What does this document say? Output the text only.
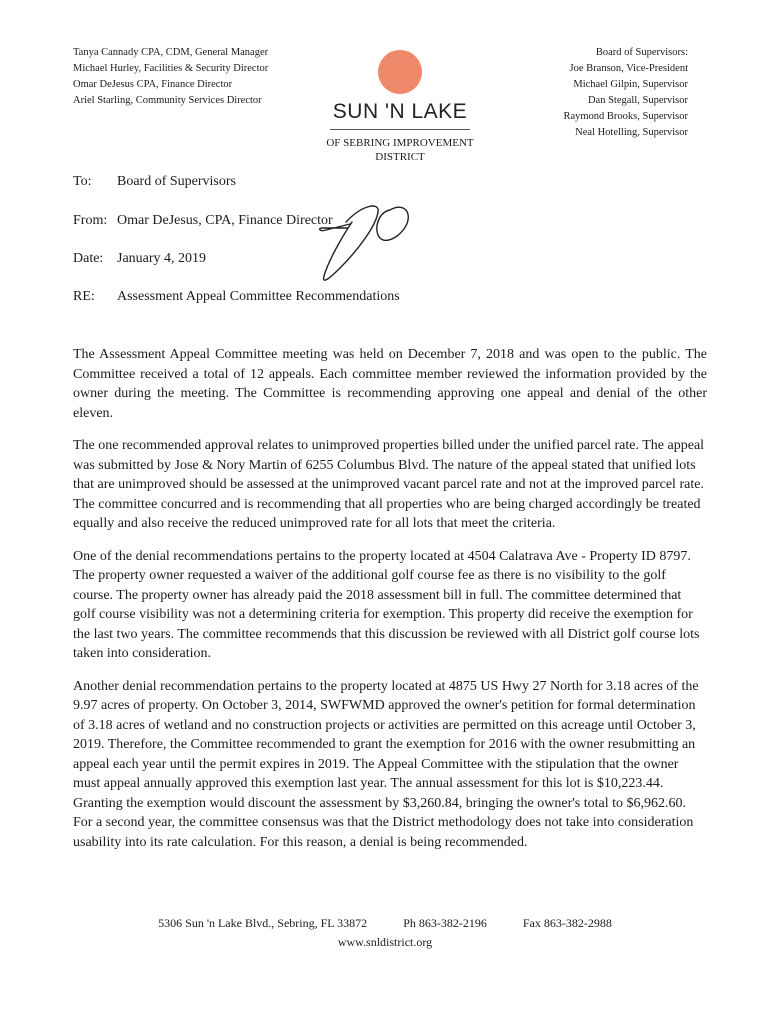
Tanya Cannady CPA, CDM, General Manager
Michael Hurley, Facilities & Security Director
Omar DeJesus CPA, Finance Director
Ariel Starling, Community Services Director	SUN 'N LAKE
OF SEBRING IMPROVEMENT
DISTRICT
Board of Supervisors:
Joe Branson, Vice-President
Michael Gilpin, Supervisor
Dan Stegall, Supervisor
Raymond Brooks, Supervisor
Neal Hotelling, Supervisor
To: Board of Supervisors
From: Omar DeJesus, CPA, Finance Director
Date: January 4, 2019
RE: Assessment Appeal Committee Recommendations

The Assessment Appeal Committee meeting was held on December 7, 2018 and was open to the public. The Committee received a total of 12 appeals. Each committee member reviewed the information provided by the owner during the meeting. The Committee is recommending approving one appeal and denial of the other eleven.

The one recommended approval relates to unimproved properties billed under the unified parcel rate. The appeal was submitted by Jose & Nory Martin of 6255 Columbus Blvd. The nature of the appeal stated that unified lots that are unimproved should be assessed at the unimproved vacant parcel rate and not at the improved parcel rate. The committee concurred and is recommending that all properties who are being charged accordingly be treated equally and also receive the reduced unimproved rate for all lots that meet the criteria.

One of the denial recommendations pertains to the property located at 4504 Calatrava Ave - Property ID 8797. The property owner requested a waiver of the additional golf course fee as there is no visibility to the golf course. The property owner has already paid the 2018 assessment bill in full. The committee determined that golf course visibility was not a determining criteria for exemption. This property did receive the exemption for the last two years. The committee recommends that this discussion be reviewed with all District golf course lots taken into consideration.

Another denial recommendation pertains to the property located at 4875 US Hwy 27 North for 3.18 acres of the 9.97 acres of property. On October 3, 2014, SWFWMD approved the owner's petition for formal determination of 3.18 acres of wetland and no construction projects or activities are permitted on this acreage until October 3, 2019. Therefore, the Committee recommended to grant the exemption for 2016 with the owner resubmitting an appeal each year until the permit expires in 2019. The Appeal Committee with the stipulation that the owner must appeal annually approved this exemption last year. The annual assessment for this lot is $10,223.44. Granting the exemption would discount the assessment by $3,260.84, bringing the owner's total to $6,962.60. For a second year, the committee consensus was that the District methodology does not take into consideration usability into its rate calculation. For this reason, a denial is being recommended.

5306 Sun 'n Lake Blvd., Sebring, FL 33872	Ph 863-382-2196	Fax 863-382-2988
www.snldistrict.org
